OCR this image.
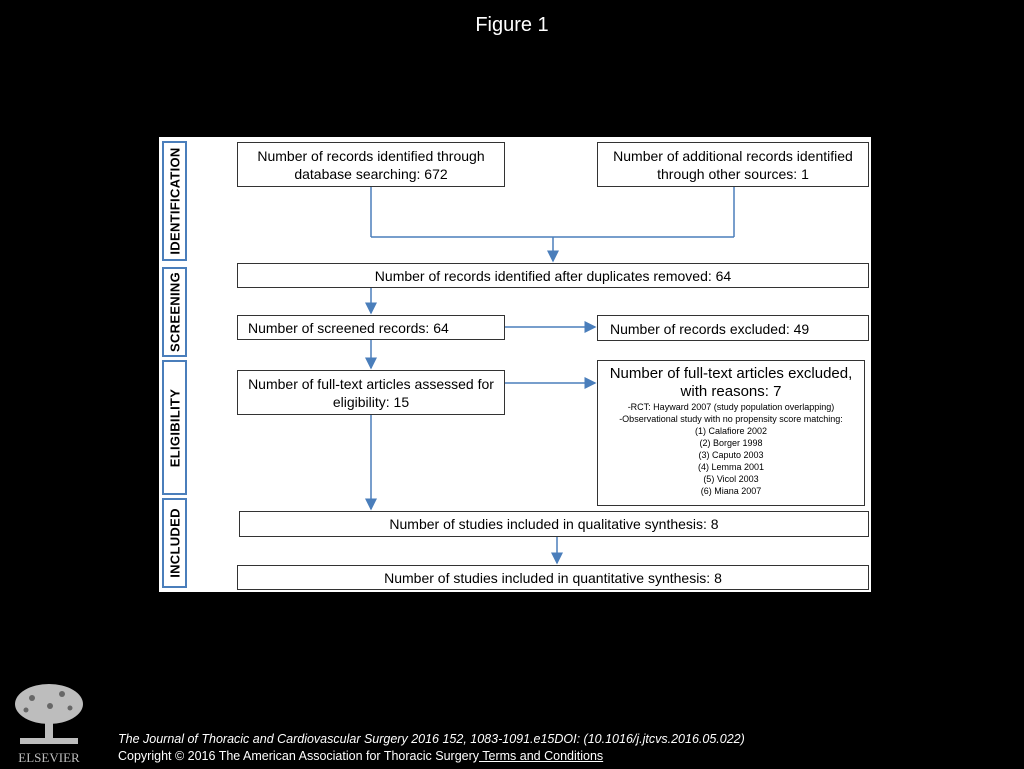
Figure 1
IDENTIFICATION
SCREENING
ELIGIBILITY
INCLUDED
Number of records identified through
database searching: 672
Number of additional records identified
through other sources: 1
Number of records identified after duplicates removed: 64
Number of screened records: 64	Number of records excluded: 49
Number of full-text articles assessed for
eligibility: 15
Number of full-text articles excluded,
with reasons: 7
-RCT: Hayward 2007 (study population overlapping)
-Observational study with no propensity score matching:
(1) Calafiore 2002
(2) Borger 1998
(3) Caputo 2003
(4) Lemma 2001
(5) Vicol 2003
(6) Miana 2007
Number of studies included in qualitative synthesis: 8
Number of studies included in quantitative synthesis: 8
ELSEVIER
The Journal of Thoracic and Cardiovascular Surgery 2016 152, 1083-1091.e15DOI: (10.1016/j.jtcvs.2016.05.022)
Copyright © 2016 The American Association for Thoracic Surgery Terms and Conditions
